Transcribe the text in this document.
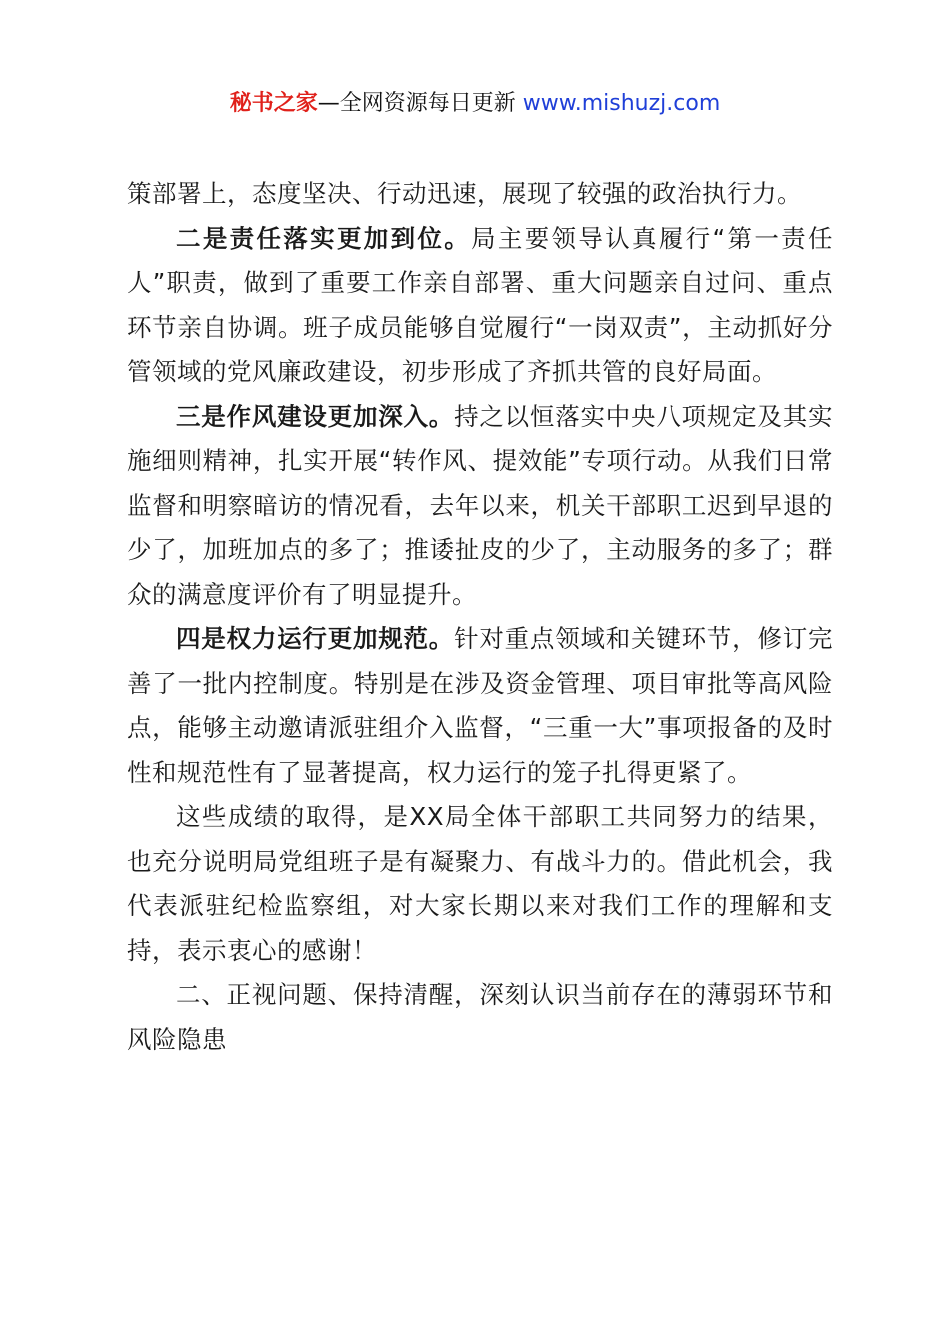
秘书之家—全网资源每日更新 www.mishuzj.com

策部署上，态度坚决、行动迅速，展现了较强的政治执行力。

二是责任落实更加到位。局主要领导认真履行“第一责任人”职责，做到了重要工作亲自部署、重大问题亲自过问、重点环节亲自协调。班子成员能够自觉履行“一岗双责”，主动抓好分管领域的党风廉政建设，初步形成了齐抓共管的良好局面。

三是作风建设更加深入。持之以恒落实中央八项规定及其实施细则精神，扎实开展“转作风、提效能”专项行动。从我们日常监督和明察暗访的情况看，去年以来，机关干部职工迟到早退的少了，加班加点的多了；推诿扯皮的少了，主动服务的多了；群众的满意度评价有了明显提升。

四是权力运行更加规范。针对重点领域和关键环节，修订完善了一批内控制度。特别是在涉及资金管理、项目审批等高风险点，能够主动邀请派驻组介入监督，“三重一大”事项报备的及时性和规范性有了显著提高，权力运行的笼子扎得更紧了。

这些成绩的取得，是XX局全体干部职工共同努力的结果，也充分说明局党组班子是有凝聚力、有战斗力的。借此机会，我代表派驻纪检监察组，对大家长期以来对我们工作的理解和支持，表示衷心的感谢！

二、正视问题、保持清醒，深刻认识当前存在的薄弱环节和风险隐患
